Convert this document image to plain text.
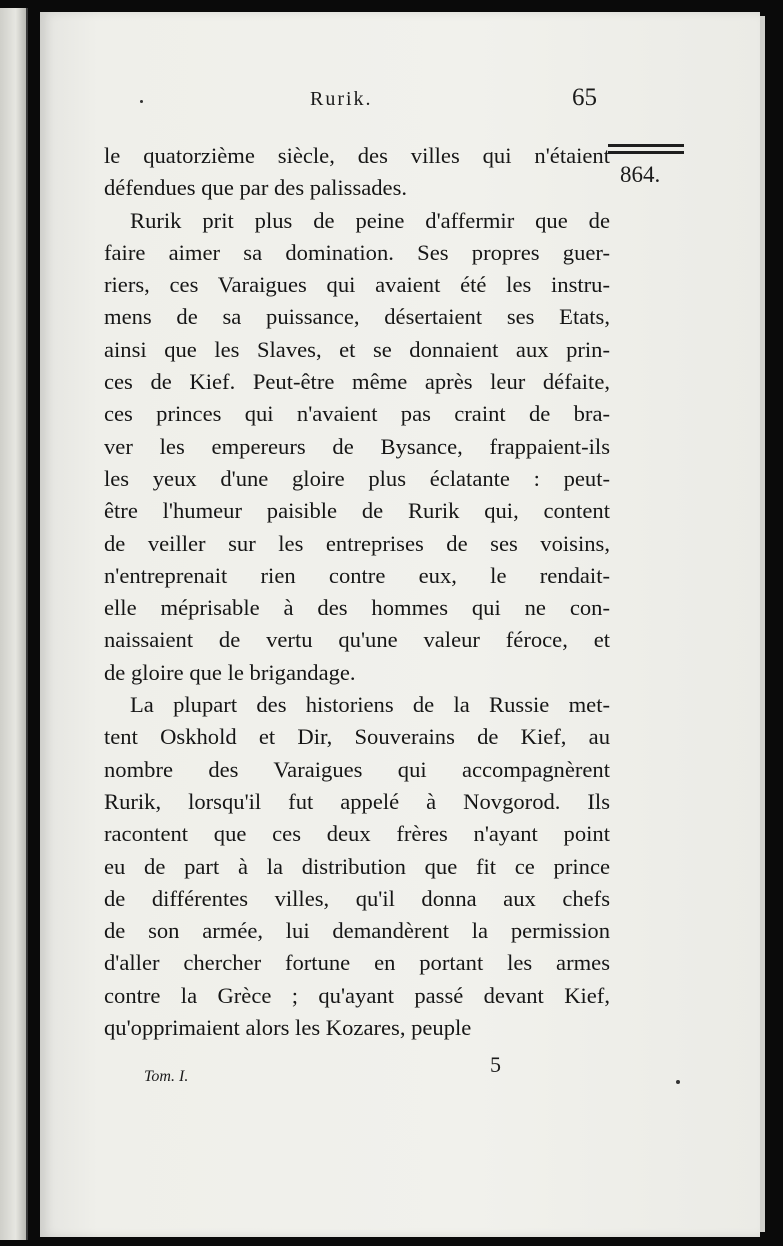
Rurik.	65
864.
le quatorzième siècle, des villes qui n'étaient
défendues que par des palissades.
Rurik prit plus de peine d'affermir que de
faire aimer sa domination. Ses propres guer-
riers, ces Varaigues qui avaient été les instru-
mens de sa puissance, désertaient ses Etats,
ainsi que les Slaves, et se donnaient aux prin-
ces de Kief. Peut-être même après leur défaite,
ces princes qui n'avaient pas craint de bra-
ver les empereurs de Bysance, frappaient-ils
les yeux d'une gloire plus éclatante : peut-
être l'humeur paisible de Rurik qui, content
de veiller sur les entreprises de ses voisins,
n'entreprenait rien contre eux, le rendait-
elle méprisable à des hommes qui ne con-
naissaient de vertu qu'une valeur féroce, et
de gloire que le brigandage.
La plupart des historiens de la Russie met-
tent Oskhold et Dir, Souverains de Kief, au
nombre des Varaigues qui accompagnèrent
Rurik, lorsqu'il fut appelé à Novgorod. Ils
racontent que ces deux frères n'ayant point
eu de part à la distribution que fit ce prince
de différentes villes, qu'il donna aux chefs
de son armée, lui demandèrent la permission
d'aller chercher fortune en portant les armes
contre la Grèce ; qu'ayant passé devant Kief,
qu'opprimaient alors les Kozares, peuple
Tom. I.	5
